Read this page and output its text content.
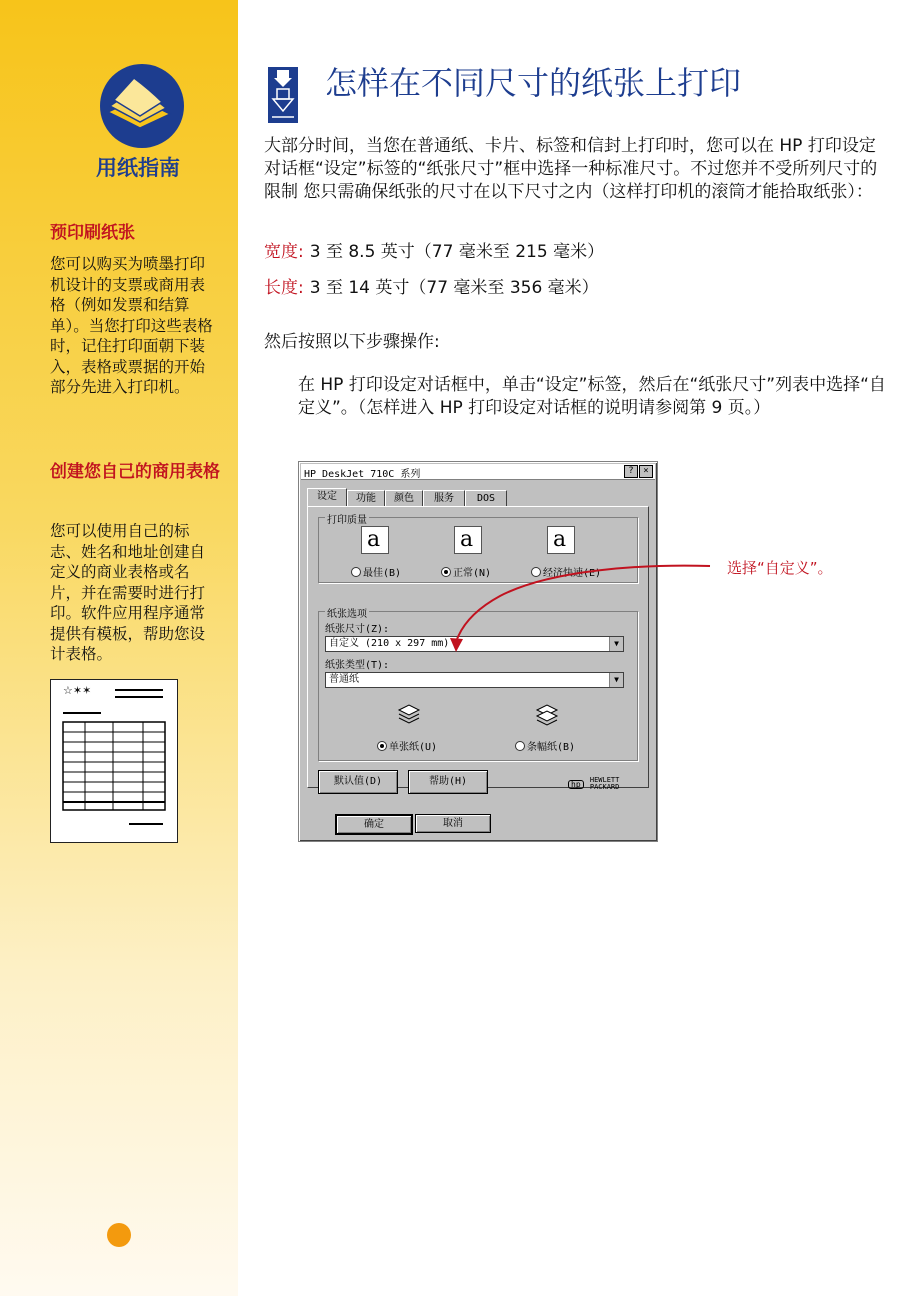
用纸指南
预印刷纸张

您可以购买为喷墨打印机设计的支票或商用表格（例如发票和结算单）。当您打印这些表格时，记住打印面朝下装入，表格或票据的开始部分先进入打印机。

创建您自己的商用表格

您可以使用自己的标志、姓名和地址创建自定义的商业表格或名片，并在需要时进行打印。软件应用程序通常提供有模板，帮助您设计表格。

☆✶✶
怎样在不同尺寸的纸张上打印

大部分时间，当您在普通纸、卡片、标签和信封上打印时，您可以在 HP 打印设定对话框“设定”标签的“纸张尺寸”框中选择一种标准尺寸。不过您并不受所列尺寸的限制 您只需确保纸张的尺寸在以下尺寸之内（这样打印机的滚筒才能拾取纸张）：

宽度: 3 至 8.5 英寸（77 毫米至 215 毫米）
长度: 3 至 14 英寸（77 毫米至 356 毫米）

然后按照以下步骤操作:

在 HP 打印设定对话框中，单击“设定”标签，然后在“纸张尺寸”列表中选择“自定义”。（怎样进入 HP 打印设定对话框的说明请参阅第 9 页。）

HP DeskJet 710C 系列	?	×
设定	功能	颜色	服务	DOS
打印质量
a	a	a
最佳(B)	正常(N)	经济快速(E)
纸张选项
纸张尺寸(Z):
自定义 (210 x 297 mm)	▼
纸张类型(T):
普通纸	▼
单张纸(U)	条幅纸(B)
默认值(D)	帮助(H)	hp HEWLETT
PACKARD
确定	取消
选择“自定义”。
